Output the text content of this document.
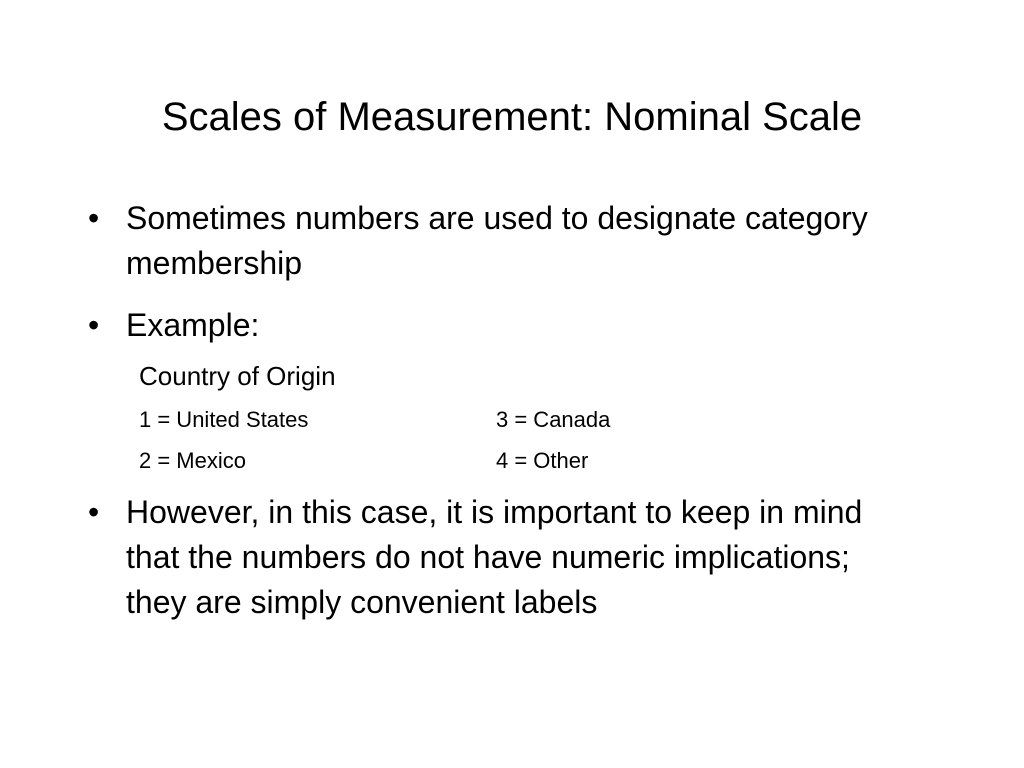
Scales of Measurement: Nominal Scale
• Sometimes numbers are used to designate category membership
• Example:
Country of Origin
1 = United States	3 = Canada
2 = Mexico	4 = Other
• However, in this case, it is important to keep in mind that the numbers do not have numeric implications; they are simply convenient labels
